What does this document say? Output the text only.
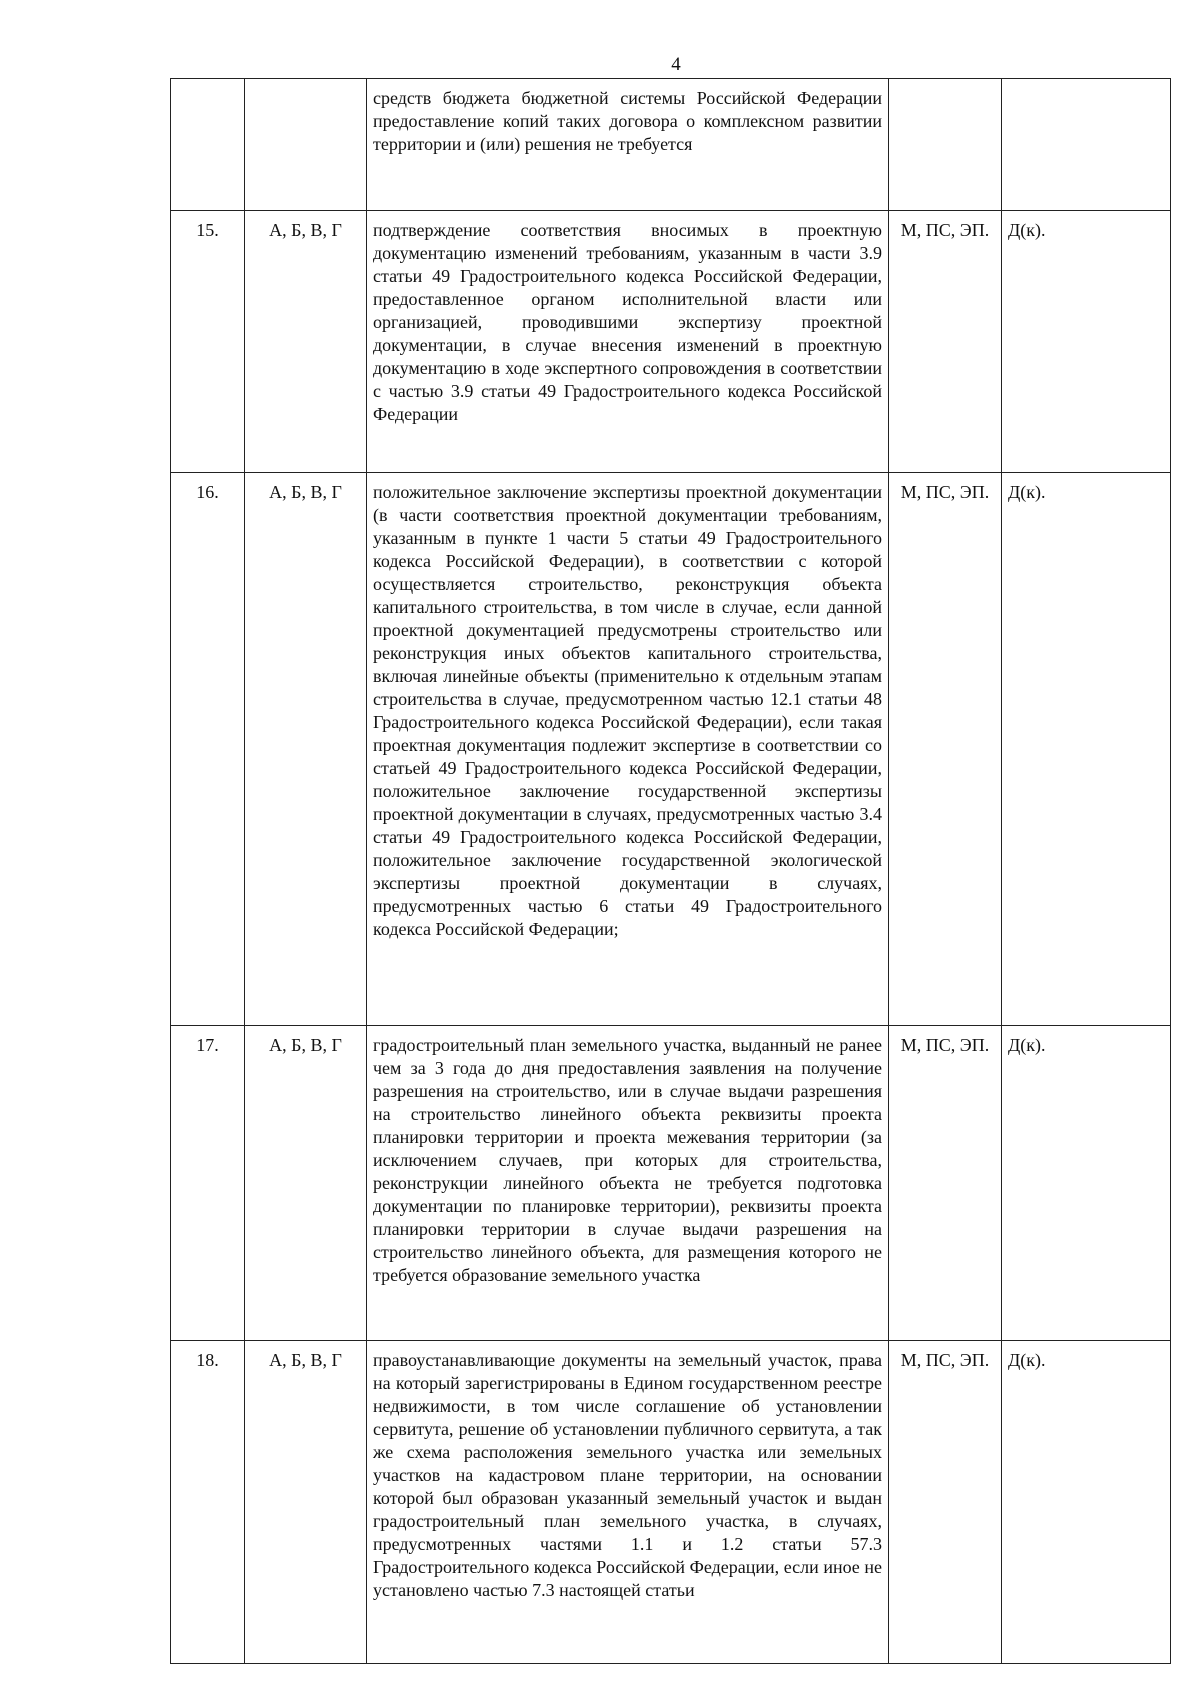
4
		средств бюджета бюджетной системы Российской Федерации предоставление копий таких договора о комплексном развитии территории и (или) решения не требуется		
15.	А, Б, В, Г	подтверждение соответствия вносимых в проектную документацию изменений требованиям, указанным в части 3.9 статьи 49 Градостроительного кодекса Российской Федерации, предоставленное органом исполнительной власти или организацией, проводившими экспертизу проектной документации, в случае внесения изменений в проектную документацию в ходе экспертного сопровождения в соответствии с частью 3.9 статьи 49 Градостроительного кодекса Российской Федерации	М, ПС, ЭП.	Д(к).
16.	А, Б, В, Г	положительное заключение экспертизы проектной документации (в части соответствия проектной документации требованиям, указанным в пункте 1 части 5 статьи 49 Градостроительного кодекса Российской Федерации), в соответствии с которой осуществляется строительство, реконструкция объекта капитального строительства, в том числе в случае, если данной проектной документацией предусмотрены строительство или реконструкция иных объектов капитального строительства, включая линейные объекты (применительно к отдельным этапам строительства в случае, предусмотренном частью 12.1 статьи 48 Градостроительного кодекса Российской Федерации), если такая проектная документация подлежит экспертизе в соответствии со статьей 49 Градостроительного кодекса Российской Федерации, положительное заключение государственной экспертизы проектной документации в случаях, предусмотренных частью 3.4 статьи 49 Градостроительного кодекса Российской Федерации, положительное заключение государственной экологической экспертизы проектной документации в случаях, предусмотренных частью 6 статьи 49 Градостроительного кодекса Российской Федерации;	М, ПС, ЭП.	Д(к).
17.	А, Б, В, Г	градостроительный план земельного участка, выданный не ранее чем за 3 года до дня предоставления заявления на получение разрешения на строительство, или в случае выдачи разрешения на строительство линейного объекта реквизиты проекта планировки территории и проекта межевания территории (за исключением случаев, при которых для строительства, реконструкции линейного объекта не требуется подготовка документации по планировке территории), реквизиты проекта планировки территории в случае выдачи разрешения на строительство линейного объекта, для размещения которого не требуется образование земельного участка	М, ПС, ЭП.	Д(к).
18.	А, Б, В, Г	правоустанавливающие документы на земельный участок, права на который зарегистрированы в Едином государственном реестре недвижимости, в том числе соглашение об установлении сервитута, решение об установлении публичного сервитута, а так же схема расположения земельного участка или земельных участков на кадастровом плане территории, на основании которой был образован указанный земельный участок и выдан градостроительный план земельного участка, в случаях, предусмотренных частями 1.1 и 1.2 статьи 57.3 Градостроительного кодекса Российской Федерации, если иное не установлено частью 7.3 настоящей статьи	М, ПС, ЭП.	Д(к).
